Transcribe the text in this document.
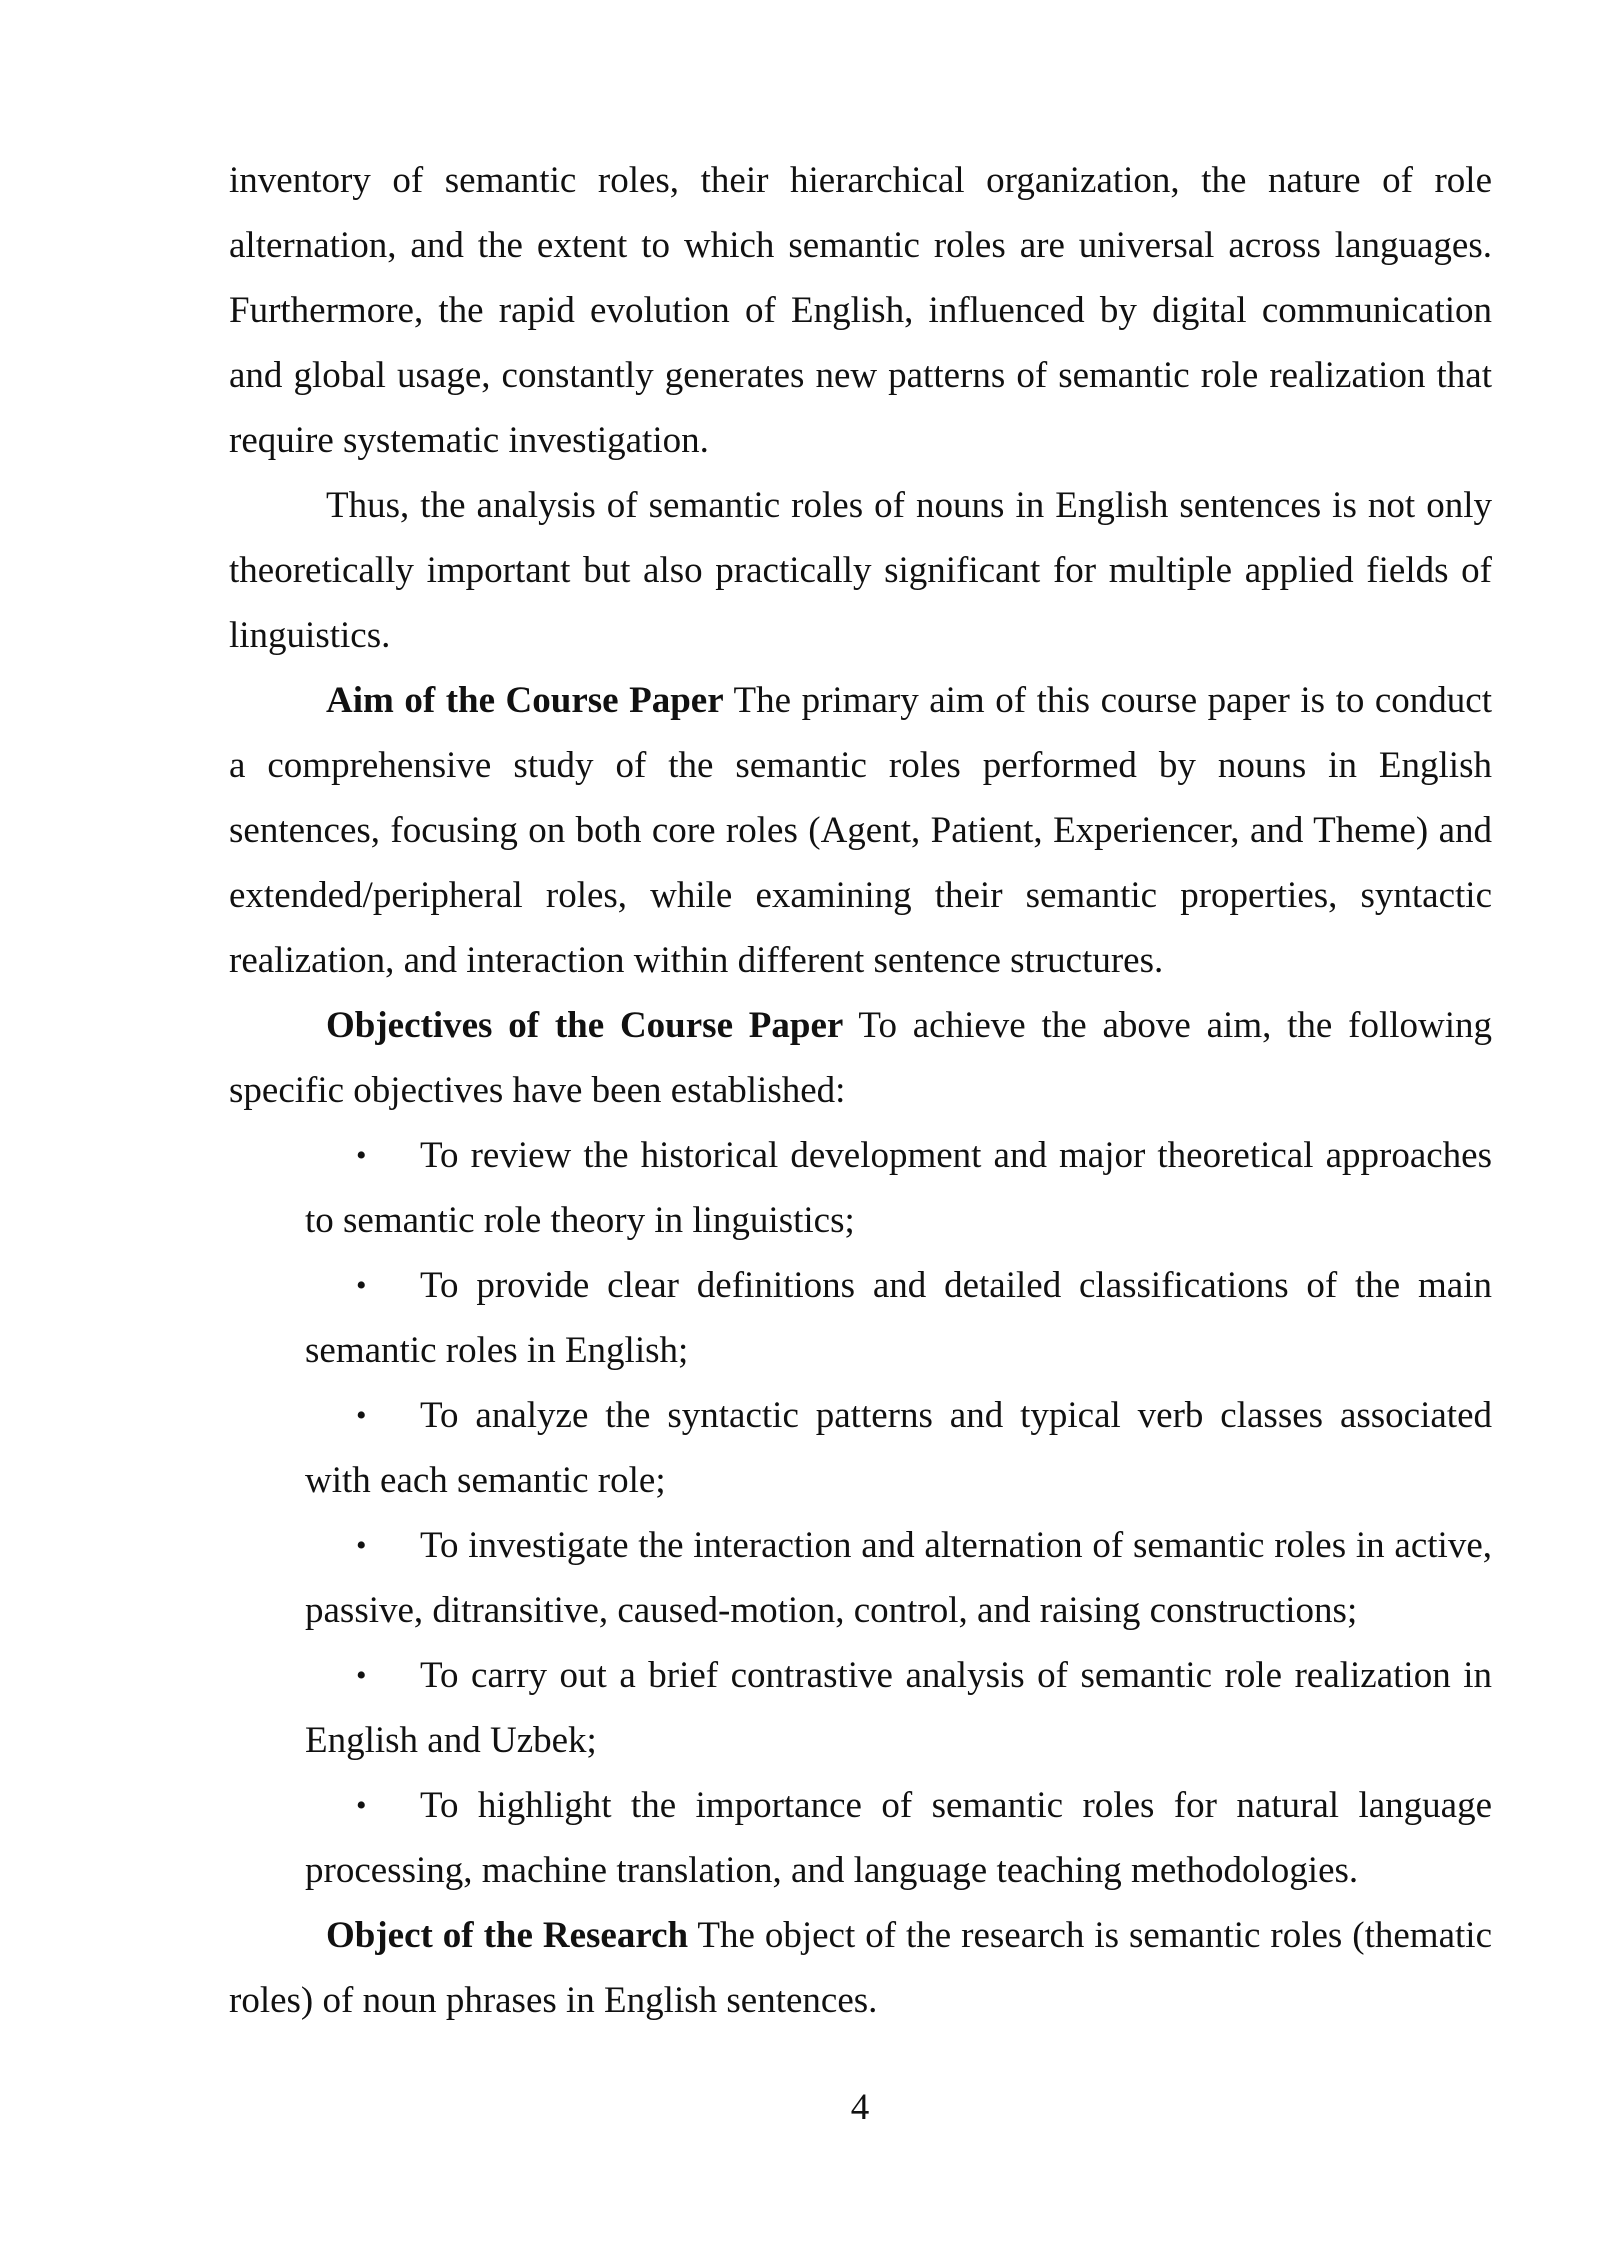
inventory of semantic roles, their hierarchical organization, the nature of role alternation, and the extent to which semantic roles are universal across languages. Furthermore, the rapid evolution of English, influenced by digital communication and global usage, constantly generates new patterns of semantic role realization that require systematic investigation.

Thus, the analysis of semantic roles of nouns in English sentences is not only theoretically important but also practically significant for multiple applied fields of linguistics.

Aim of the Course Paper The primary aim of this course paper is to conduct a comprehensive study of the semantic roles performed by nouns in English sentences, focusing on both core roles (Agent, Patient, Experiencer, and Theme) and extended/peripheral roles, while examining their semantic properties, syntactic realization, and interaction within different sentence structures.

Objectives of the Course Paper To achieve the above aim, the following specific objectives have been established:

• To review the historical development and major theoretical approaches to semantic role theory in linguistics;
• To provide clear definitions and detailed classifications of the main semantic roles in English;
• To analyze the syntactic patterns and typical verb classes associated with each semantic role;
• To investigate the interaction and alternation of semantic roles in active, passive, ditransitive, caused-motion, control, and raising constructions;
• To carry out a brief contrastive analysis of semantic role realization in English and Uzbek;
• To highlight the importance of semantic roles for natural language processing, machine translation, and language teaching methodologies.

Object of the Research The object of the research is semantic roles (thematic roles) of noun phrases in English sentences.

4
